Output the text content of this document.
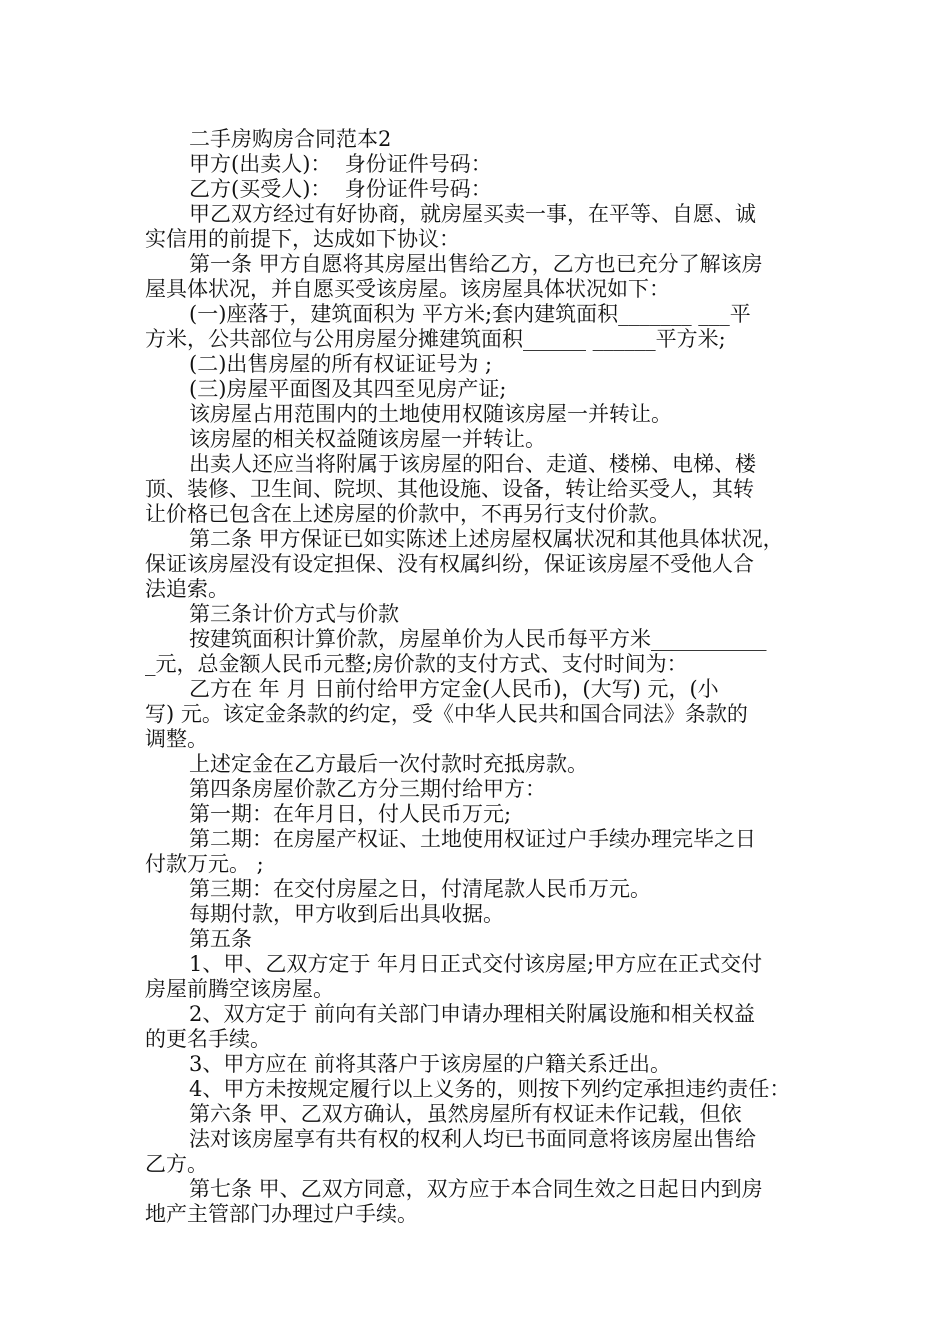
二手房购房合同范本2

甲方(出卖人)：  身份证件号码：

乙方(买受人)：  身份证件号码：

甲乙双方经过有好协商，就房屋买卖一事，在平等、自愿、诚

实信用的前提下，达成如下协议：

第一条 甲方自愿将其房屋出售给乙方，乙方也已充分了解该房

屋具体状况，并自愿买受该房屋。该房屋具体状况如下：

(一)座落于，建筑面积为 平方米;套内建筑面积_______ ___平

方米，公共部位与公用房屋分摊建筑面积______ ______平方米;

(二)出售房屋的所有权证证号为 ;

(三)房屋平面图及其四至见房产证;

该房屋占用范围内的土地使用权随该房屋一并转让。

该房屋的相关权益随该房屋一并转让。

出卖人还应当将附属于该房屋的阳台、走道、楼梯、电梯、楼

顶、装修、卫生间、院坝、其他设施、设备，转让给买受人，其转

让价格已包含在上述房屋的价款中，不再另行支付价款。

第二条 甲方保证已如实陈述上述房屋权属状况和其他具体状况，

保证该房屋没有设定担保、没有权属纠纷，保证该房屋不受他人合

法追索。

第三条计价方式与价款

按建筑面积计算价款，房屋单价为人民币每平方米___________

_元，总金额人民币元整;房价款的支付方式、支付时间为：

乙方在 年 月 日前付给甲方定金(人民币)，(大写) 元，(小

写) 元。该定金条款的约定，受《中华人民共和国合同法》条款的

调整。

上述定金在乙方最后一次付款时充抵房款。

第四条房屋价款乙方分三期付给甲方：

第一期：在年月日，付人民币万元;

第二期：在房屋产权证、土地使用权证过户手续办理完毕之日

付款万元。 ;

第三期：在交付房屋之日，付清尾款人民币万元。

每期付款，甲方收到后出具收据。

第五条

1、甲、乙双方定于 年月日正式交付该房屋;甲方应在正式交付

房屋前腾空该房屋。

2、双方定于 前向有关部门申请办理相关附属设施和相关权益

的更名手续。

3、甲方应在 前将其落户于该房屋的户籍关系迁出。

4、甲方未按规定履行以上义务的，则按下列约定承担违约责任：

第六条 甲、乙双方确认，虽然房屋所有权证未作记载，但依

法对该房屋享有共有权的权利人均已书面同意将该房屋出售给

乙方。

第七条 甲、乙双方同意，双方应于本合同生效之日起日内到房

地产主管部门办理过户手续。
